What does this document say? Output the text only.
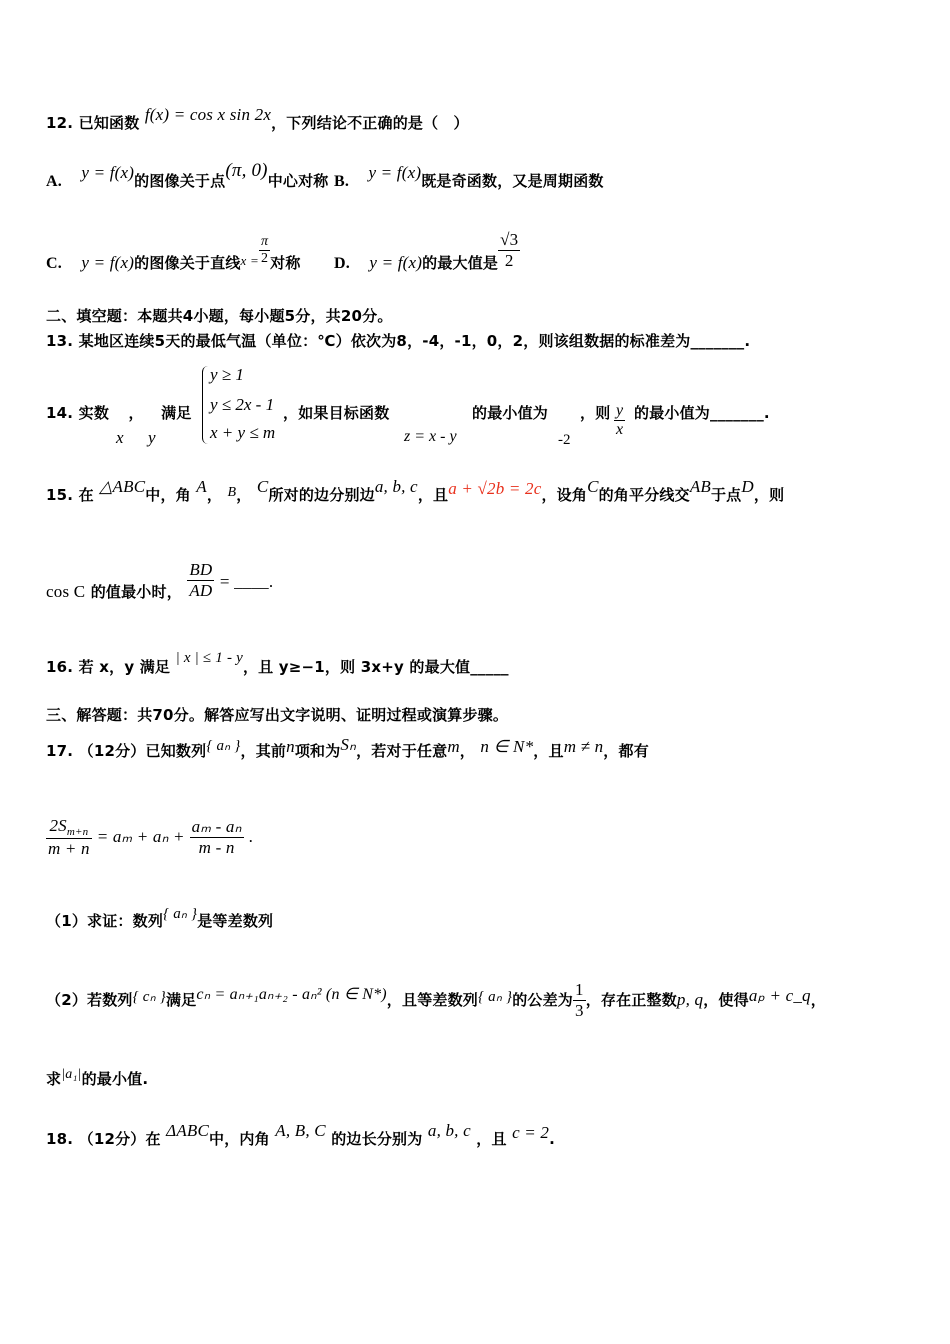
12. 已知函数 f(x) = cos x sin 2x，下列结论不正确的是（　）
A. y = f(x)的图像关于点(π, 0)中心对称 B. y = f(x)既是奇函数，又是周期函数
C. y = f(x)的图像关于直线$x = \frac{\pi}{2}$ 对称 D. y = f(x)的最大值是 $\frac{√3}{2}$
二、填空题：本题共4小题，每小题5分，共20分。
13. 某地区连续5天的最低气温（单位：℃）依次为8，-4，-1，0，2，则该组数据的标准差为_______.
14. 实数 ， 满足
x y
y ≥ 1
y ≤ 2x - 1
x + y ≤ m
，如果目标函数
z = x - y
的最小值为
-2
，则 $\frac{y}{x}$ 的最小值为_______.
15. 在 △ABC中，角 A， B， C所对的边分别边a, b, c，且a + √2b = 2c，设角C的角平分线交AB于点D，则
cos C 的值最小时， $\frac{BD}{AD}$ = ____.
16. 若 x，y 满足 | x | ≤ 1 - y，且 y≥−1，则 3x+y 的最大值_____
三、解答题：共70分。解答应写出文字说明、证明过程或演算步骤。
17. （12分）已知数列{ aₙ }，其前n项和为Sₙ，若对于任意m， n ∈ N*，且m ≠ n，都有
$\frac{2S_{m+n}}{m + n} = a_m + a_n + \frac{\text{aₘ - aₙ}}{m - n}$ .
（1）求证：数列{ aₙ }是等差数列
（2）若数列{ cₙ }满足cₙ = aₙ₊₁aₙ₊₂ - aₙ² (n ∈ N*)，且等差数列{ aₙ }的公差为 $\frac{1}{3}$ ，存在正整数p, q，使得aₚ + c_q，
求|a₁|的最小值.
18. （12分）在 ΔABC中，内角 A, B, C 的边长分别为 a, b, c ，且 c = 2.
